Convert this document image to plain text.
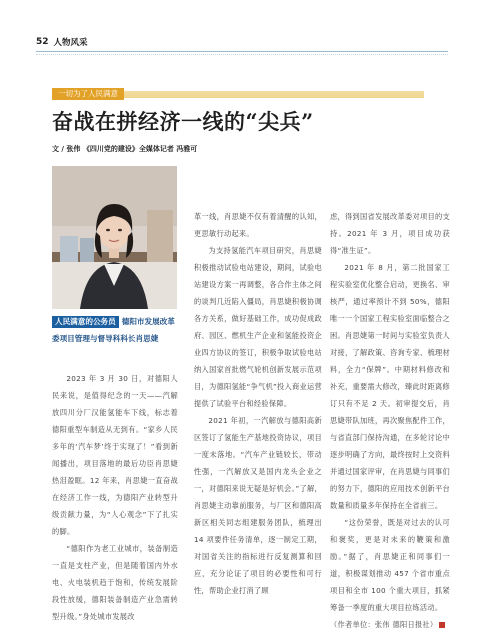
52 人物风采
一切为了人民满意
奋战在拼经济一线的“尖兵”
文 / 张伟 《四川党的建设》全媒体记者 冯雅可
人民满意的公务员 德阳市发展改革委项目管理与督导科科长肖思婕

2023 年 3 月 30 日，对德阳人民来说，是值得纪念的一天——汽解放四川分厂汉能氢能车下线，标志着德阳重型车制造从无到有。“家乡人民多年的‘汽车梦’终于实现了！”看到新闻播出，项目落地的最后功臣肖思婕热泪盈眶。12 年来，肖思婕一直奋战在经济工作一线，为德阳产业转型升级贡献力量，为“人心观念”下了扎实的脚。

“德阳作为老工业城市，装备制造一直是支柱产业，但是随着国内外水电、火电装机趋于饱和，传统发展阶段性放缓，德阳装备制造产业急需转型升级。”身处城市发展改

革一线，肖思婕不仅有着清醒的认知，更思敏行动起来。

为支持氢能汽车项目研究，肖思婕积极推动试验电站建设，期间，试验电站建设方案一再调整，各合作主体之间的谈判几近陷入僵局，肖思婕积极协调各方关系，做好基础工作，成功促成政府、园区、燃机生产企业和氢能投资企业四方协议的签订，积极争取试验电站纳入国家首批燃气轮机创新发展示范项目，为德阳氢能“争气机”投入商业运营提供了试验平台和经验保障。

2021 年初，一汽解放与德阳高新区签订了氢能生产基地投资协议，项目一度未落地。“汽车产业链较长，带动性强，一汽解放又是国内龙头企业之一，对德阳来说无疑是好机会。”了解，肖思婕主动靠前服务，与厂区和德阳高新区相关同志组建服务团队，梳理出 14 项要件任务清单，逐一制定工期，对国省关注的指标进行反复测算和回应，充分论证了项目的必要性和可行性，帮助企业打消了顾

虑，得到国省发展改革委对项目的支持。2021 年 3 月，项目成功获得“准生证”。

2021 年 8 月，第二批国家工程实验室优化整合启动，更换名、审核严，通过率预计不到 50%，德阳唯一一个国家工程实验室面临整合之困。肖思婕第一时间与实验室负责人对接，了解政策、咨询专家、梳理材料，全力“保牌”。中期材料修改和补充，重要需大修改，臻此时距离修订只有不足 2 天。初审提交后，肖思婕带队加班，再次聚焦配件工作，与省直部门保持沟通，在多轮讨论中逐步明确了方向，最终按时上交资料并通过国家评审，在肖思婕与同事们的努力下，德阳的应用技术创新平台数量和质量多年保持在全省前三。

“这份荣誉，既是对过去的认可和褒奖，更是对未来的鞭策和激励。”据了，肖思婕正和同事们一道，积极谋划推动 457 个省市重点项目和全市 100 个重大项目，抓紧筹备一季度的重大项目拉练活动。

（作者单位：张伟 德阳日报社）
